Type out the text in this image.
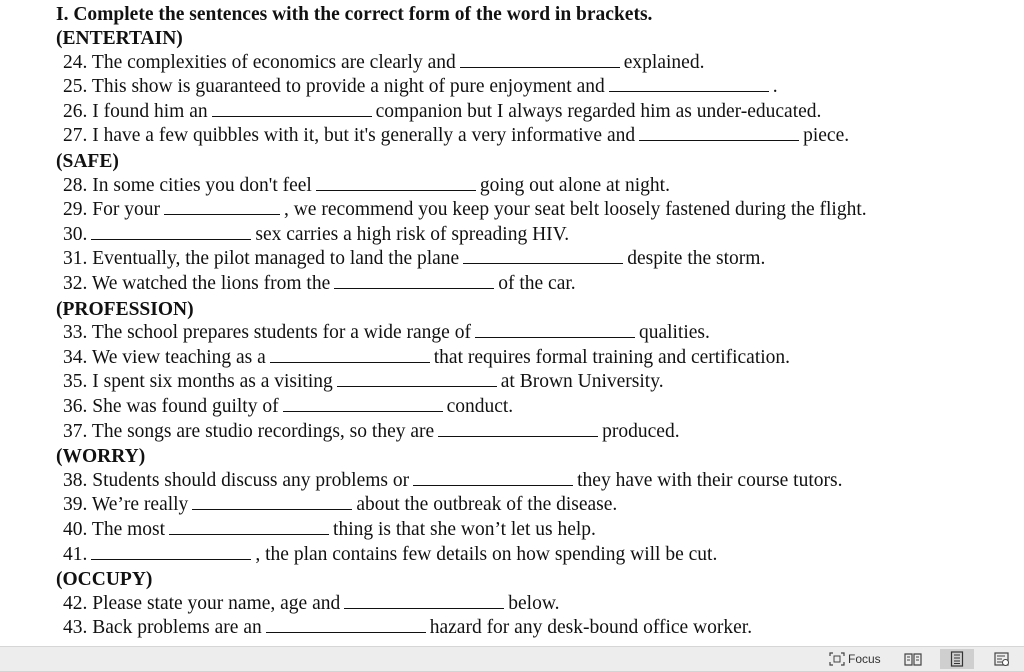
I. Complete the sentences with the correct form of the word in brackets.
(ENTERTAIN)
24. The complexities of economics are clearly and	explained.
25. This show is guaranteed to provide a night of pure enjoyment and	.
26. I found him an	companion but I always regarded him as under-educated.
27. I have a few quibbles with it, but it's generally a very informative and	piece.
(SAFE)
28. In some cities you don't feel	going out alone at night.
29. For your	, we recommend you keep your seat belt loosely fastened during the flight.
30.	sex carries a high risk of spreading HIV.
31. Eventually, the pilot managed to land the plane	despite the storm.
32. We watched the lions from the	of the car.
(PROFESSION)
33. The school prepares students for a wide range of	qualities.
34. We view teaching as a	that requires formal training and certification.
35. I spent six months as a visiting	at Brown University.
36. She was found guilty of	conduct.
37. The songs are studio recordings, so they are	produced.
(WORRY)
38. Students should discuss any problems or	they have with their course tutors.
39. We’re really	about the outbreak of the disease.
40. The most	thing is that she won’t let us help.
41.	, the plan contains few details on how spending will be cut.
(OCCUPY)
42. Please state your name, age and	below.
43. Back problems are an	hazard for any desk-bound office worker.
Focus
